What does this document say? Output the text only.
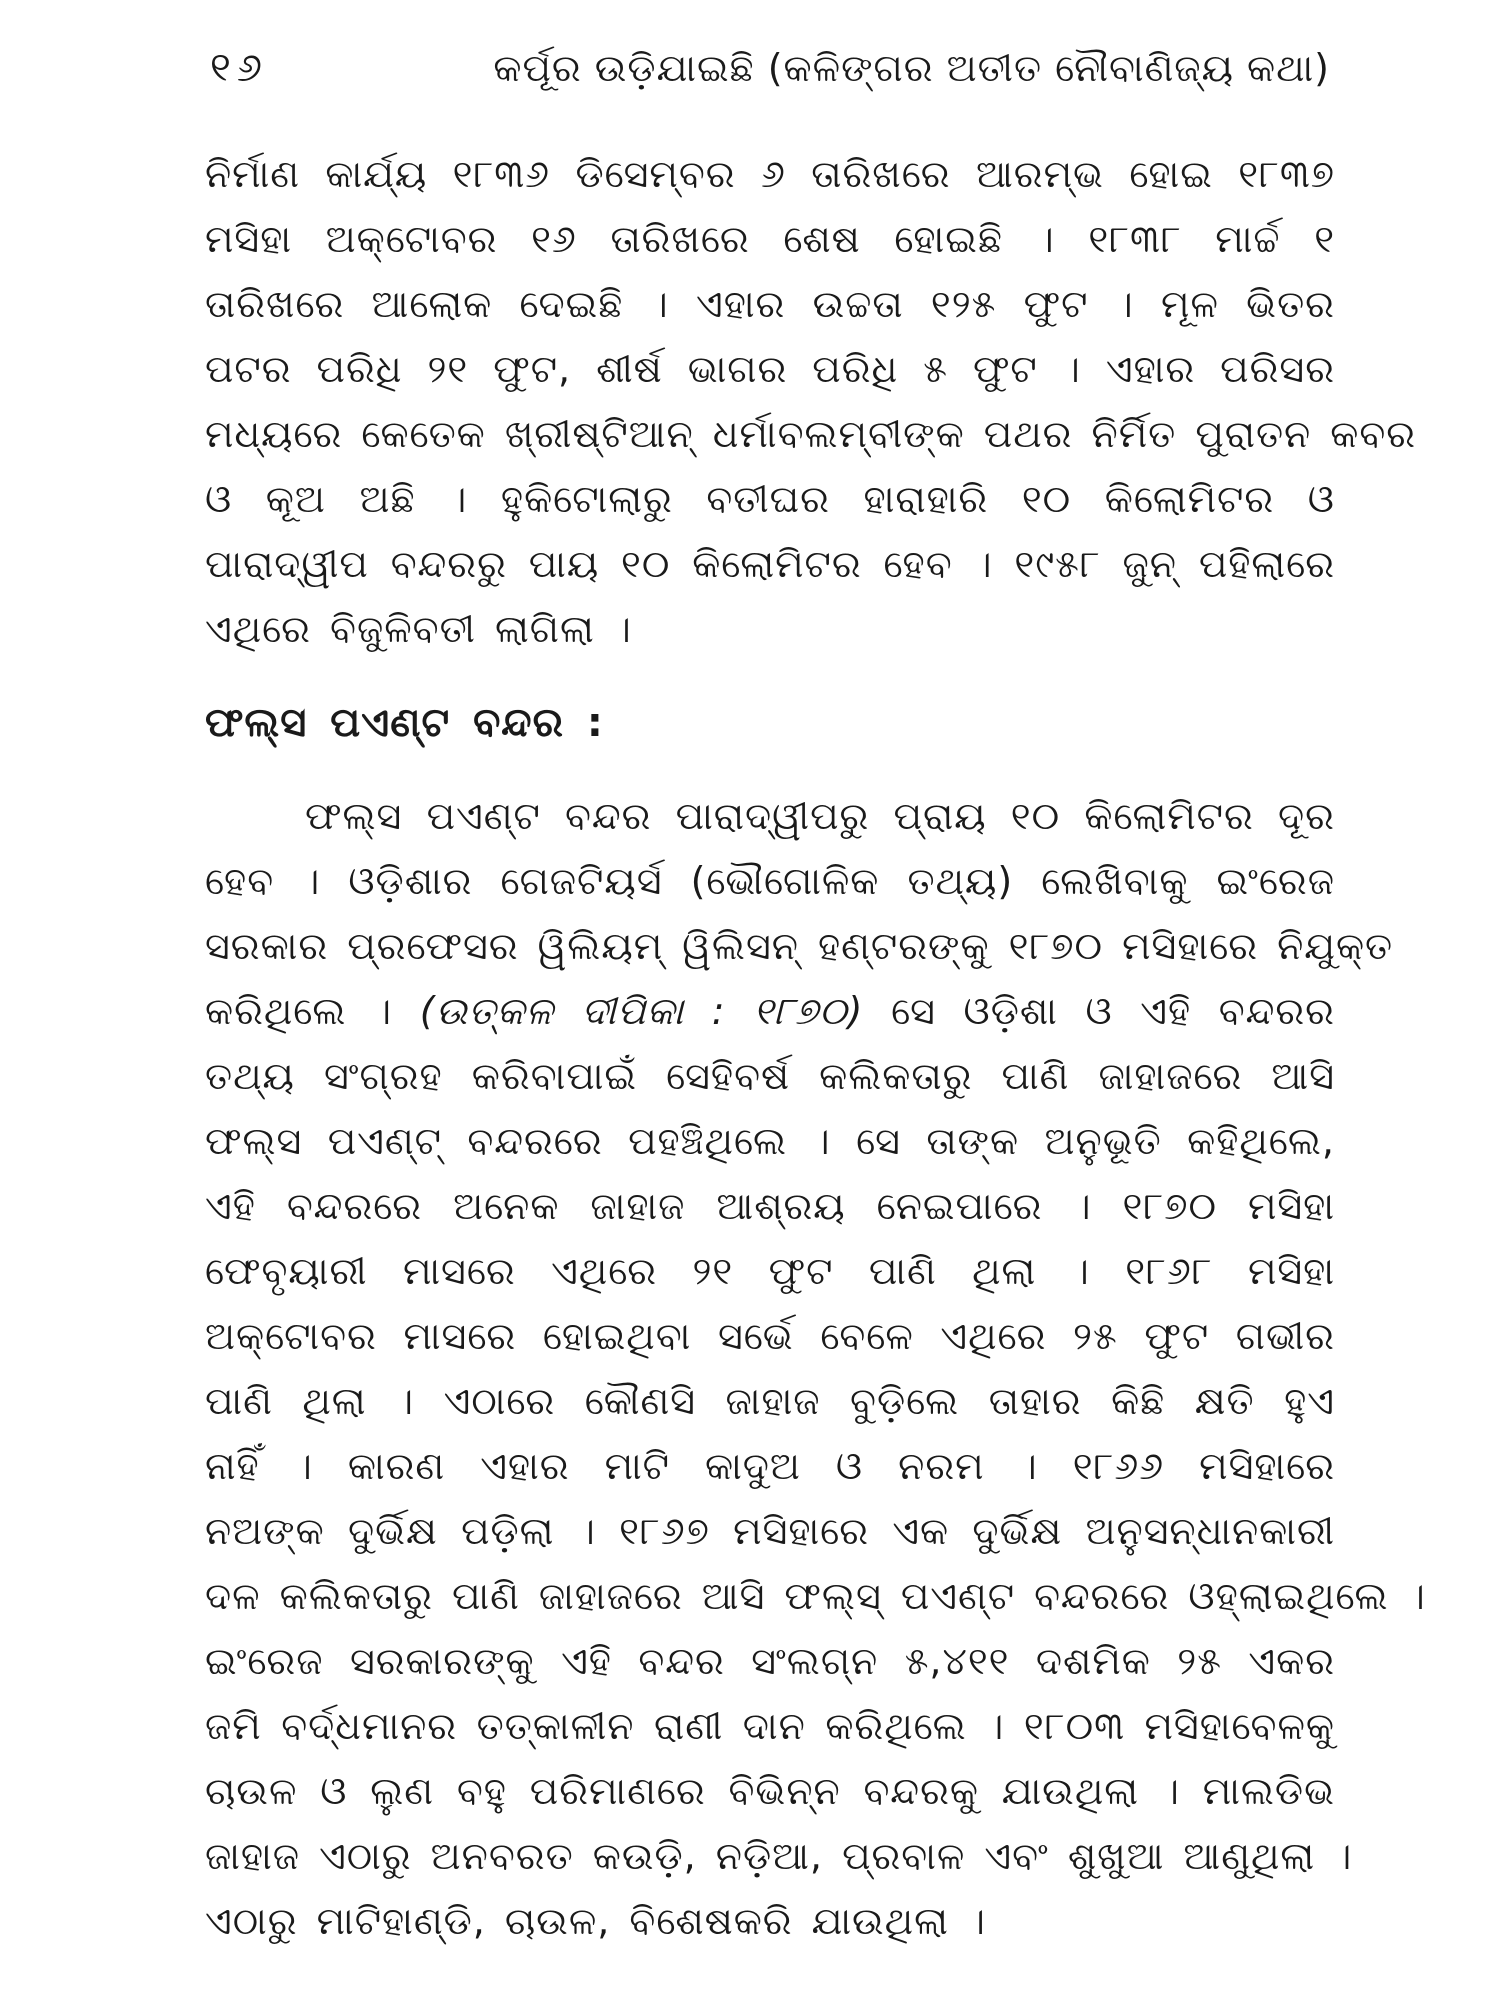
୧୬	କର୍ପୂର ଉଡ଼ିଯାଇଛି (କଳିଙ୍ଗର ଅତୀତ ନୌବାଣିଜ୍ୟ କଥା)
ନିର୍ମାଣ କାର୍ଯ୍ୟ ୧୮୩୬ ଡିସେମ୍ବର ୬ ତାରିଖରେ ଆରମ୍ଭ ହୋଇ ୧୮୩୭
ମସିହା ଅକ୍ଟୋବର ୧୬ ତାରିଖରେ ଶେଷ ହୋଇଛି । ୧୮୩୮ ମାର୍ଚ୍ଚ ୧
ତାରିଖରେ ଆଲୋକ ଦେଇଛି । ଏହାର ଉଚ୍ଚତା ୧୨୫ ଫୁଟ । ମୂଳ ଭିତର
ପଟର ପରିଧି ୨୧ ଫୁଟ, ଶୀର୍ଷ ଭାଗର ପରିଧି ୫ ଫୁଟ । ଏହାର ପରିସର
ମଧ୍ୟରେ କେତେକ ଖ୍ରୀଷ୍ଟିଆନ୍ ଧର୍ମାବଲମ୍ବୀଙ୍କ ପଥର ନିର୍ମିତ ପୁରାତନ କବର
ଓ କୂଅ ଅଛି । ହୁକିଟୋଲାରୁ ବତୀଘର ହାରାହାରି ୧୦ କିଲୋମିଟର ଓ
ପାରାଦ୍ୱୀପ ବନ୍ଦରରୁ ପାୟ ୧୦ କିଲୋମିଟର ହେବ । ୧୯୫୮ ଜୁନ୍ ପହିଲାରେ
ଏଥିରେ ବିଜୁଳିବତୀ ଲାଗିଲା ।
ଫଲ୍ସ ପଏଣ୍ଟ ବନ୍ଦର :
ଫଲ୍ସ ପଏଣ୍ଟ ବନ୍ଦର ପାରାଦ୍ୱୀପରୁ ପ୍ରାୟ ୧୦ କିଲୋମିଟର ଦୂର
ହେବ । ଓଡ଼ିଶାର ଗେଜଟିୟର୍ସ (ଭୌଗୋଳିକ ତଥ୍ୟ) ଲେଖିବାକୁ ଇଂରେଜ
ସରକାର ପ୍ରଫେସର ୱିଲିୟମ୍ ୱିଲିସନ୍ ହଣ୍ଟରଙ୍କୁ ୧୮୭୦ ମସିହାରେ ନିଯୁକ୍ତ
କରିଥିଲେ । (ଉତ୍କଳ ଦୀପିକା : ୧୮୭୦) ସେ ଓଡ଼ିଶା ଓ ଏହି ବନ୍ଦରର
ତଥ୍ୟ ସଂଗ୍ରହ କରିବାପାଇଁ ସେହିବର୍ଷ କଲିକତାରୁ ପାଣି ଜାହାଜରେ ଆସି
ଫଲ୍ସ ପଏଣ୍ଟ୍ ବନ୍ଦରରେ ପହଞ୍ଚିଥିଲେ । ସେ ତାଙ୍କ ଅନୁଭୂତି କହିଥିଲେ,
ଏହି ବନ୍ଦରରେ ଅନେକ ଜାହାଜ ଆଶ୍ରୟ ନେଇପାରେ । ୧୮୭୦ ମସିହା
ଫେବୃୟାରୀ ମାସରେ ଏଥିରେ ୨୧ ଫୁଟ ପାଣି ଥିଲା । ୧୮୬୮ ମସିହା
ଅକ୍ଟୋବର ମାସରେ ହୋଇଥିବା ସର୍ଭେ ବେଳେ ଏଥିରେ ୨୫ ଫୁଟ ଗଭୀର
ପାଣି ଥିଲା । ଏଠାରେ କୌଣସି ଜାହାଜ ବୁଡ଼ିଲେ ତାହାର କିଛି କ୍ଷତି ହୁଏ
ନାହିଁ । କାରଣ ଏହାର ମାଟି କାଦୁଅ ଓ ନରମ । ୧୮୬୬ ମସିହାରେ
ନଅଙ୍କ ଦୁର୍ଭିକ୍ଷ ପଡ଼ିଲା । ୧୮୬୭ ମସିହାରେ ଏକ ଦୁର୍ଭିକ୍ଷ ଅନୁସନ୍ଧାନକାରୀ
ଦଳ କଲିକତାରୁ ପାଣି ଜାହାଜରେ ଆସି ଫଲ୍ସ୍ ପଏଣ୍ଟ ବନ୍ଦରରେ ଓହ୍ଲାଇଥିଲେ ।
ଇଂରେଜ ସରକାରଙ୍କୁ ଏହି ବନ୍ଦର ସଂଲଗ୍ନ ୫,୪୧୧ ଦଶମିକ ୨୫ ଏକର
ଜମି ବର୍ଦ୍ଧମାନର ତତ୍କାଳୀନ ରାଣୀ ଦାନ କରିଥିଲେ । ୧୮୦୩ ମସିହାବେଳକୁ
ଚାଉଳ ଓ ଲୁଣ ବହୁ ପରିମାଣରେ ବିଭିନ୍ନ ବନ୍ଦରକୁ ଯାଉଥିଲା । ମାଲଡିଭ
ଜାହାଜ ଏଠାରୁ ଅନବରତ କଉଡ଼ି, ନଡ଼ିଆ, ପ୍ରବାଳ ଏବଂ ଶୁଖୁଆ ଆଣୁଥିଲା ।
ଏଠାରୁ ମାଟିହାଣ୍ଡି, ଚାଉଳ, ବିଶେଷକରି ଯାଉଥିଲା ।
